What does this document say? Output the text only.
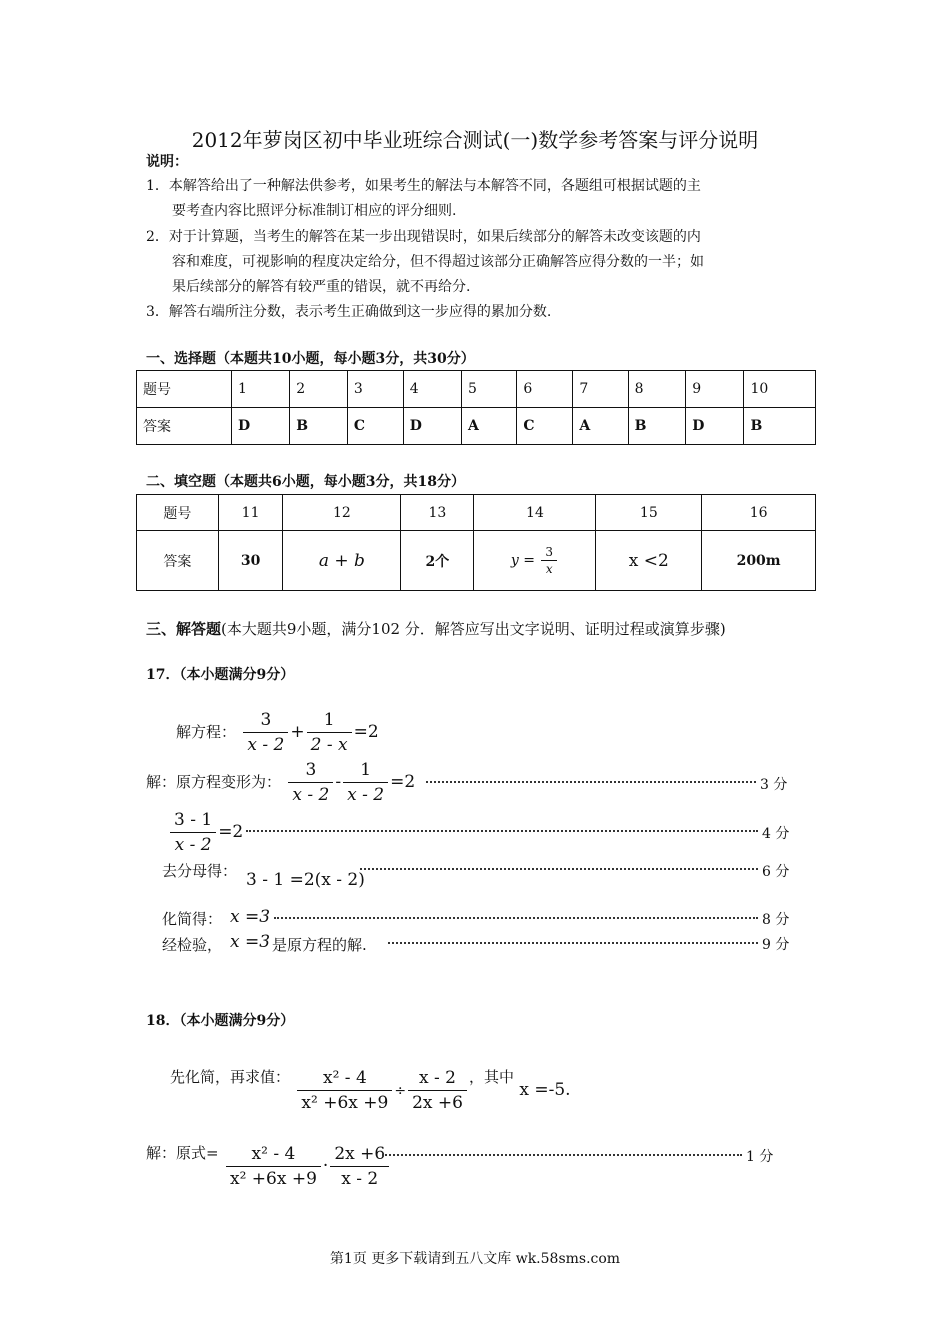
2012年萝岗区初中毕业班综合测试(一)数学参考答案与评分说明
说明：
1．本解答给出了一种解法供参考，如果考生的解法与本解答不同，各题组可根据试题的主
要考查内容比照评分标准制订相应的评分细则.
2．对于计算题，当考生的解答在某一步出现错误时，如果后续部分的解答未改变该题的内
容和难度，可视影响的程度决定给分，但不得超过该部分正确解答应得分数的一半；如
果后续部分的解答有较严重的错误，就不再给分.
3．解答右端所注分数，表示考生正确做到这一步应得的累加分数.
一、选择题（本题共10小题，每小题3分，共30分）
题号	1	2	3	4	5	6	7	8	9	10
答案	D	B	C	D	A	C	A	B	D	B
二、填空题（本题共6小题，每小题3分，共18分）
题号	11	12	13	14	15	16
答案	30	a + b	2个	$y = \frac{3}{x}$	x <2	200m
三、解答题(本大题共9小题，满分102 分．解答应写出文字说明、证明过程或演算步骤)
17．（本小题满分9分）
解方程： $\frac{3}{x - 2} + \frac{1}{2 - x} =2$
解：原方程变形为： $\frac{3}{x - 2} - \frac{1}{x - 2} =2$	3 分
$\frac{3 - 1}{x - 2} =2$	4 分
去分母得： 3 - 1 =2(x - 2)	6 分
化简得： x =3	8 分
经检验， x =3 是原方程的解.	9 分
18．（本小题满分9分）
先化简，再求值： $\frac{\text{x² - 4}}{\text{x² +6x +9}} \div \frac{x - 2}{2x +6}$ ，其中 x =-5.
解：原式= $\frac{\text{x² - 4}}{\text{x² +6x +9}} \cdot \frac{2x +6}{x - 2}$	1 分
第1页 更多下载请到五八文库 wk.58sms.com
